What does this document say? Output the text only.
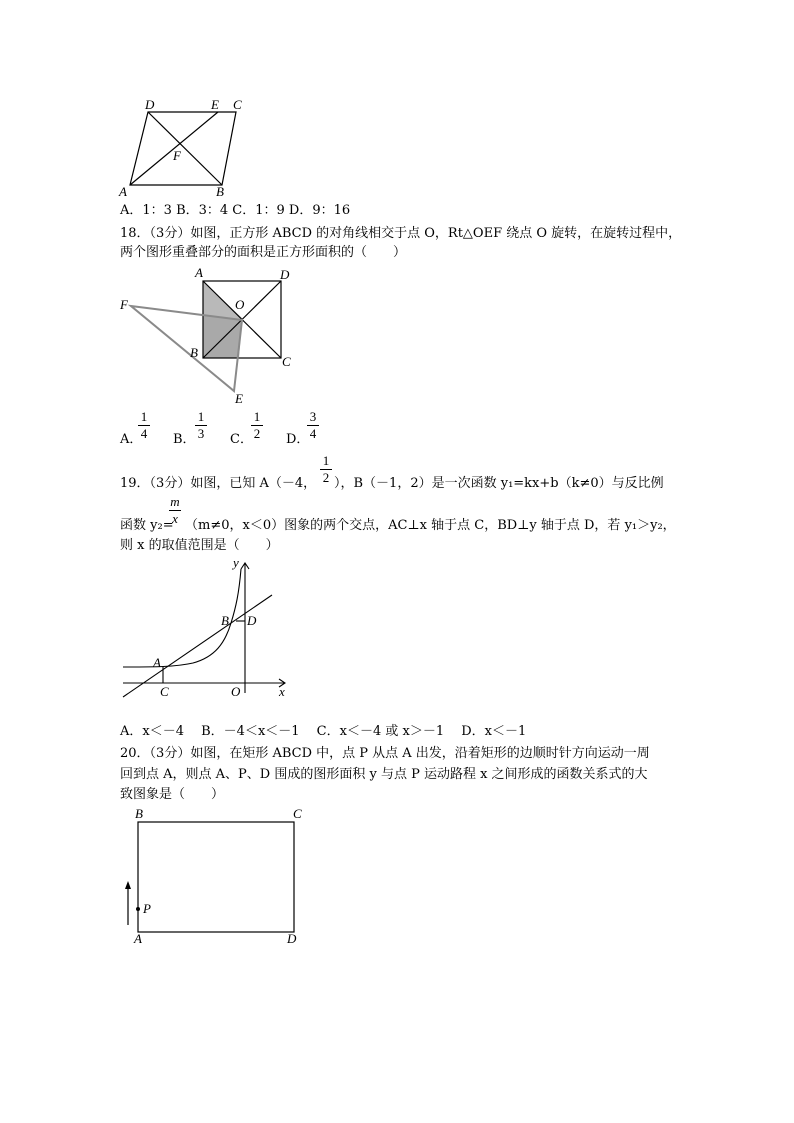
D	E C
F
A	B
A．1：3 B．3：4 C．1：9 D．9：16
18．（3分）如图，正方形 ABCD 的对角线相交于点 O，Rt△OEF 绕点 O 旋转，在旋转过程中，
两个图形重叠部分的面积是正方形面积的（　　）
A	D
O
F
B
C
E
A．
1
4 B．
1
3 C．
1
2 D．
3
4
19．（3分）如图，已知 A（－4，
1
2 ），B（－1，2）是一次函数 y₁=kx+b（k≠0）与反比例
函数 y₂=
m
x （m≠0，x＜0）图象的两个交点，AC⊥x 轴于点 C，BD⊥y 轴于点 D，若 y₁＞y₂，
则 x 的取值范围是（　　）
y
B D
A
C	O	x
A．x＜－4　 B．－4＜x＜－1　 C．x＜－4 或 x＞－1　 D．x＜－1
20．（3分）如图，在矩形 ABCD 中，点 P 从点 A 出发，沿着矩形的边顺时针方向运动一周
回到点 A，则点 A、P、D 围成的图形面积 y 与点 P 运动路程 x 之间形成的函数关系式的大
致图象是（　　）
B	C
P
A	D
